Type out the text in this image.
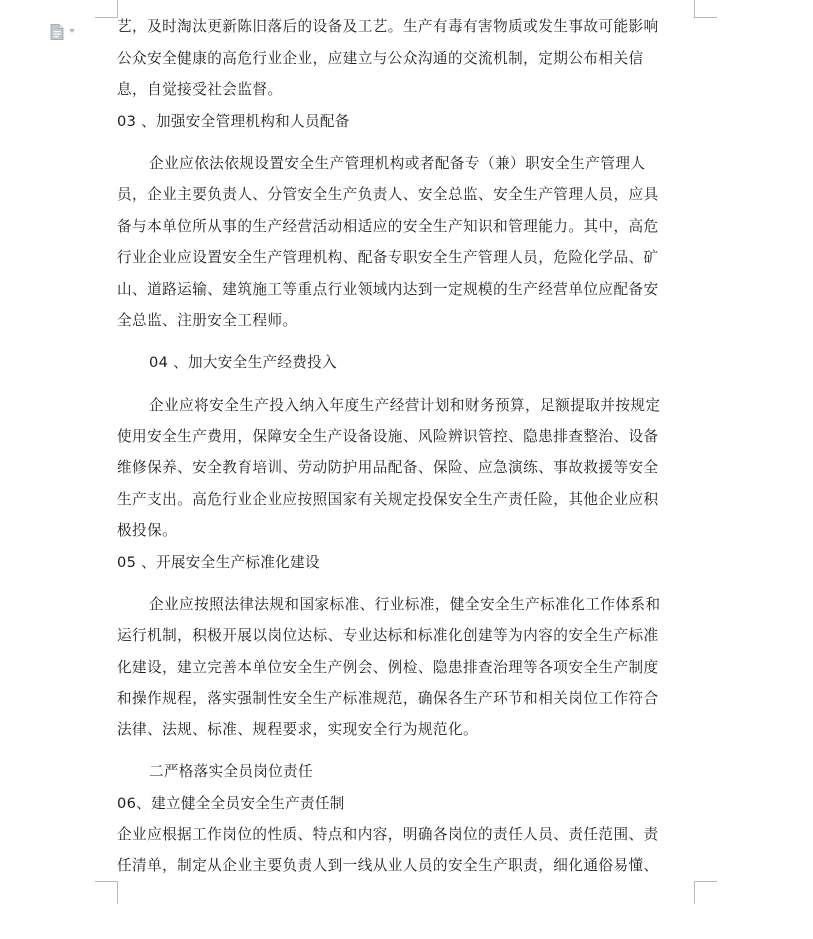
艺，及时淘汰更新陈旧落后的设备及工艺。生产有毒有害物质或发生事故可能影响
公众安全健康的高危行业企业，应建立与公众沟通的交流机制，定期公布相关信
息，自觉接受社会监督。
03 、加强安全管理机构和人员配备
企业应依法依规设置安全生产管理机构或者配备专（兼）职安全生产管理人
员，企业主要负责人、分管安全生产负责人、安全总监、安全生产管理人员，应具
备与本单位所从事的生产经营活动相适应的安全生产知识和管理能力。其中，高危
行业企业应设置安全生产管理机构、配备专职安全生产管理人员，危险化学品、矿
山、道路运输、建筑施工等重点行业领域内达到一定规模的生产经营单位应配备安
全总监、注册安全工程师。
04 、加大安全生产经费投入
企业应将安全生产投入纳入年度生产经营计划和财务预算，足额提取并按规定
使用安全生产费用，保障安全生产设备设施、风险辨识管控、隐患排查整治、设备
维修保养、安全教育培训、劳动防护用品配备、保险、应急演练、事故救援等安全
生产支出。高危行业企业应按照国家有关规定投保安全生产责任险，其他企业应积
极投保。
05 、开展安全生产标准化建设
企业应按照法律法规和国家标准、行业标准，健全安全生产标准化工作体系和
运行机制，积极开展以岗位达标、专业达标和标准化创建等为内容的安全生产标准
化建设，建立完善本单位安全生产例会、例检、隐患排查治理等各项安全生产制度
和操作规程，落实强制性安全生产标准规范，确保各生产环节和相关岗位工作符合
法律、法规、标准、规程要求，实现安全行为规范化。
二严格落实全员岗位责任
06、建立健全全员安全生产责任制
企业应根据工作岗位的性质、特点和内容，明确各岗位的责任人员、责任范围、责
任清单，制定从企业主要负责人到一线从业人员的安全生产职责，细化通俗易懂、
